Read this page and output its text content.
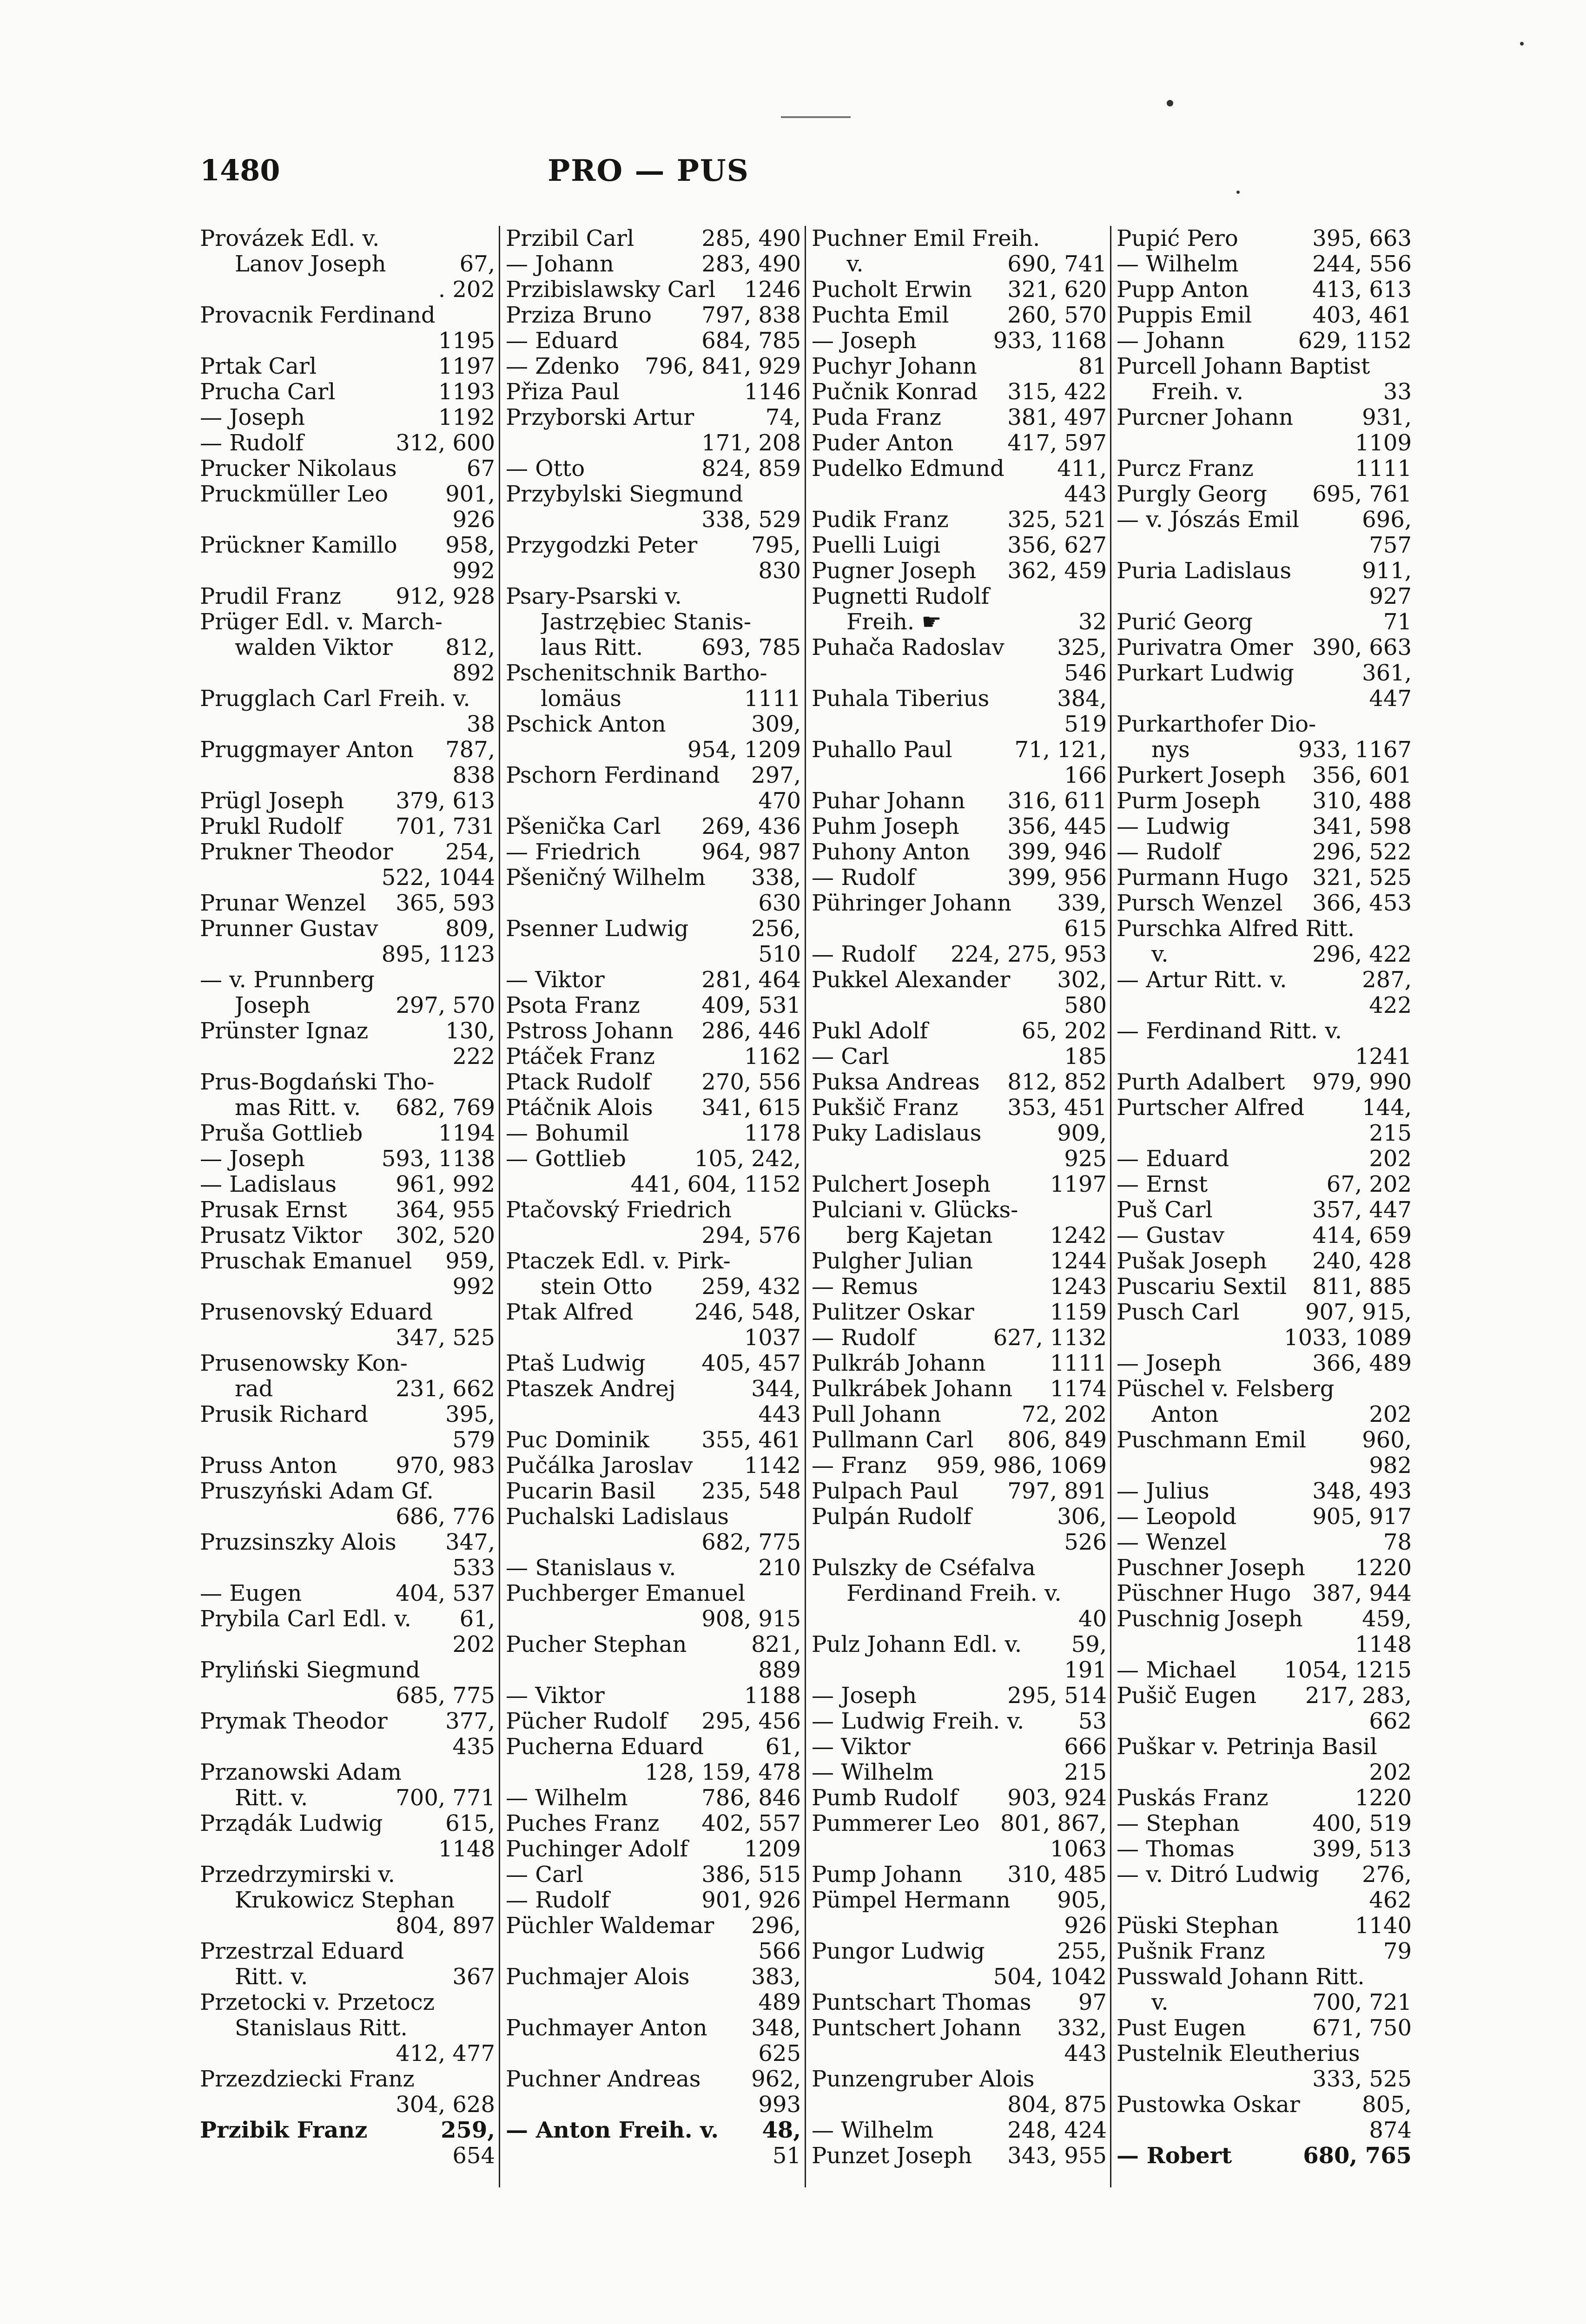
1480	PRO — PUS
Provázek Edl. v.
Lanov Joseph	67,
. 202
Provacnik Ferdinand
1195
Prtak Carl	1197
Prucha Carl	1193
— Joseph	1192
— Rudolf	312, 600
Prucker Nikolaus	67
Pruckmüller Leo	901,
926
Prückner Kamillo	958,
992
Prudil Franz	912, 928
Prüger Edl. v. March-
walden Viktor	812,
892
Prugglach Carl Freih. v.
38
Pruggmayer Anton	787,
838
Prügl Joseph	379, 613
Prukl Rudolf	701, 731
Prukner Theodor	254,
522, 1044
Prunar Wenzel	365, 593
Prunner Gustav	809,
895, 1123
— v. Prunnberg
Joseph	297, 570
Prünster Ignaz	130,
222
Prus-Bogdański Tho-
mas Ritt. v.	682, 769
Pruša Gottlieb	1194
— Joseph	593, 1138
— Ladislaus	961, 992
Prusak Ernst	364, 955
Prusatz Viktor	302, 520
Pruschak Emanuel	959,
992
Prusenovský Eduard
347, 525
Prusenowsky Kon-
rad	231, 662
Prusik Richard	395,
579
Pruss Anton	970, 983
Pruszyński Adam Gf.
686, 776
Pruzsinszky Alois	347,
533
— Eugen	404, 537
Prybila Carl Edl. v.	61,
202
Pryliński Siegmund
685, 775
Prymak Theodor	377,
435
Przanowski Adam
Ritt. v.	700, 771
Prządák Ludwig	615,
1148
Przedrzymirski v.
Krukowicz Stephan
804, 897
Przestrzal Eduard
Ritt. v.	367
Przetocki v. Przetocz
Stanislaus Ritt.
412, 477
Przezdziecki Franz
304, 628
Przibik Franz	259,
654
Przibil Carl	285, 490
— Johann	283, 490
Przibislawsky Carl	1246
Prziza Bruno	797, 838
— Eduard	684, 785
— Zdenko	796, 841, 929
Přiza Paul	1146
Przyborski Artur	74,
171, 208
— Otto	824, 859
Przybylski Siegmund
338, 529
Przygodzki Peter	795,
830
Psary-Psarski v.
Jastrzębiec Stanis-
laus Ritt.	693, 785
Pschenitschnik Bartho-
lomäus	1111
Pschick Anton	309,
954, 1209
Pschorn Ferdinand	297,
470
Pšenička Carl	269, 436
— Friedrich	964, 987
Pšeničný Wilhelm	338,
630
Psenner Ludwig	256,
510
— Viktor	281, 464
Psota Franz	409, 531
Pstross Johann	286, 446
Ptáček Franz	1162
Ptack Rudolf	270, 556
Ptáčnik Alois	341, 615
— Bohumil	1178
— Gottlieb	105, 242,
441, 604, 1152
Ptačovský Friedrich
294, 576
Ptaczek Edl. v. Pirk-
stein Otto	259, 432
Ptak Alfred	246, 548,
1037
Ptaš Ludwig	405, 457
Ptaszek Andrej	344,
443
Puc Dominik	355, 461
Pučálka Jaroslav	1142
Pucarin Basil	235, 548
Puchalski Ladislaus
682, 775
— Stanislaus v.	210
Puchberger Emanuel
908, 915
Pucher Stephan	821,
889
— Viktor	1188
Pücher Rudolf	295, 456
Pucherna Eduard	61,
128, 159, 478
— Wilhelm	786, 846
Puches Franz	402, 557
Puchinger Adolf	1209
— Carl	386, 515
— Rudolf	901, 926
Püchler Waldemar	296,
566
Puchmajer Alois	383,
489
Puchmayer Anton	348,
625
Puchner Andreas	962,
993
— Anton Freih. v.	48,
51
Puchner Emil Freih.
v.	690, 741
Pucholt Erwin	321, 620
Puchta Emil	260, 570
— Joseph	933, 1168
Puchyr Johann	81
Pučnik Konrad	315, 422
Puda Franz	381, 497
Puder Anton	417, 597
Pudelko Edmund	411,
443
Pudik Franz	325, 521
Puelli Luigi	356, 627
Pugner Joseph	362, 459
Pugnetti Rudolf
Freih. ☛	32
Puhača Radoslav	325,
546
Puhala Tiberius	384,
519
Puhallo Paul	71, 121,
166
Puhar Johann	316, 611
Puhm Joseph	356, 445
Puhony Anton	399, 946
— Rudolf	399, 956
Pühringer Johann	339,
615
— Rudolf	224, 275, 953
Pukkel Alexander	302,
580
Pukl Adolf	65, 202
— Carl	185
Puksa Andreas	812, 852
Pukšič Franz	353, 451
Puky Ladislaus	909,
925
Pulchert Joseph	1197
Pulciani v. Glücks-
berg Kajetan	1242
Pulgher Julian	1244
— Remus	1243
Pulitzer Oskar	1159
— Rudolf	627, 1132
Pulkráb Johann	1111
Pulkrábek Johann	1174
Pull Johann	72, 202
Pullmann Carl	806, 849
— Franz	959, 986, 1069
Pulpach Paul	797, 891
Pulpán Rudolf	306,
526
Pulszky de Cséfalva
Ferdinand Freih. v.
40
Pulz Johann Edl. v.	59,
191
— Joseph	295, 514
— Ludwig Freih. v.	53
— Viktor	666
— Wilhelm	215
Pumb Rudolf	903, 924
Pummerer Leo 801, 867,
1063
Pump Johann	310, 485
Pümpel Hermann	905,
926
Pungor Ludwig	255,
504, 1042
Puntschart Thomas	97
Puntschert Johann	332,
443
Punzengruber Alois
804, 875
— Wilhelm	248, 424
Punzet Joseph	343, 955
Pupić Pero	395, 663
— Wilhelm	244, 556
Pupp Anton	413, 613
Puppis Emil	403, 461
— Johann	629, 1152
Purcell Johann Baptist
Freih. v.	33
Purcner Johann	931,
1109
Purcz Franz	1111
Purgly Georg	695, 761
— v. Jószás Emil	696,
757
Puria Ladislaus	911,
927
Purić Georg	71
Purivatra Omer 390, 663
Purkart Ludwig	361,
447
Purkarthofer Dio-
nys	933, 1167
Purkert Joseph	356, 601
Purm Joseph	310, 488
— Ludwig	341, 598
— Rudolf	296, 522
Purmann Hugo	321, 525
Pursch Wenzel	366, 453
Purschka Alfred Ritt.
v.	296, 422
— Artur Ritt. v.	287,
422
— Ferdinand Ritt. v.
1241
Purth Adalbert	979, 990
Purtscher Alfred	144,
215
— Eduard	202
— Ernst	67, 202
Puš Carl	357, 447
— Gustav	414, 659
Pušak Joseph	240, 428
Puscariu Sextil	811, 885
Pusch Carl	907, 915,
1033, 1089
— Joseph	366, 489
Püschel v. Felsberg
Anton	202
Puschmann Emil	960,
982
— Julius	348, 493
— Leopold	905, 917
— Wenzel	78
Puschner Joseph	1220
Püschner Hugo 387, 944
Puschnig Joseph	459,
1148
— Michael	1054, 1215
Pušič Eugen	217, 283,
662
Puškar v. Petrinja Basil
202
Puskás Franz	1220
— Stephan	400, 519
— Thomas	399, 513
— v. Ditró Ludwig	276,
462
Püski Stephan	1140
Pušnik Franz	79
Pusswald Johann Ritt.
v.	700, 721
Pust Eugen	671, 750
Pustelnik Eleutherius
333, 525
Pustowka Oskar	805,
874
— Robert	680, 765
